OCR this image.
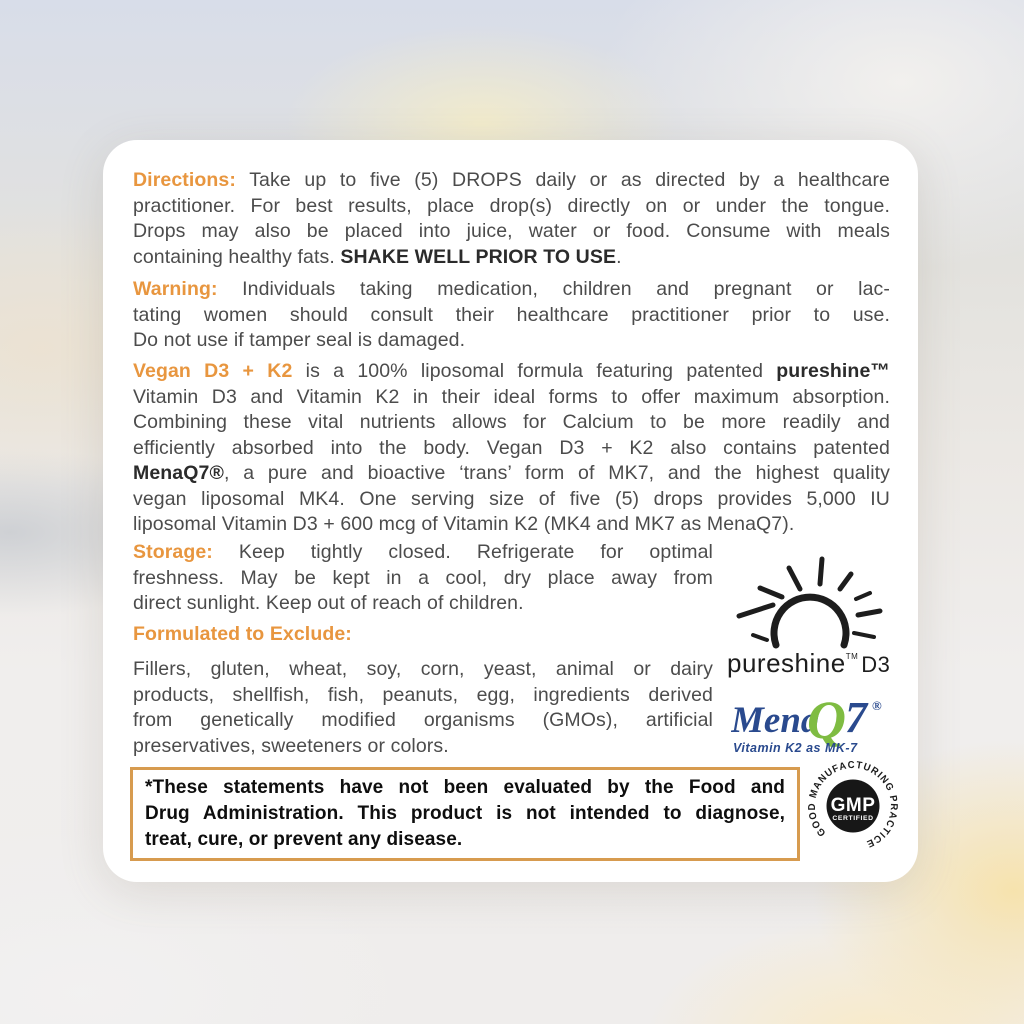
Directions: Take up to five (5) DROPS daily or as directed by a healthcare
practitioner. For best results, place drop(s) directly on or under the tongue.
Drops may also be placed into juice, water or food. Consume with meals
containing healthy fats. SHAKE WELL PRIOR TO USE.
Warning: Individuals taking medication, children and pregnant or lac-
tating women should consult their healthcare practitioner prior to use.
Do not use if tamper seal is damaged.
Vegan D3 + K2 is a 100% liposomal formula featuring patented pureshine™
Vitamin D3 and Vitamin K2 in their ideal forms to offer maximum absorption.
Combining these vital nutrients allows for Calcium to be more readily and
efficiently absorbed into the body. Vegan D3 + K2 also contains patented
MenaQ7®, a pure and bioactive ‘trans’ form of MK7, and the highest quality
vegan liposomal MK4. One serving size of five (5) drops provides 5,000 IU
liposomal Vitamin D3 + 600 mcg of Vitamin K2 (MK4 and MK7 as MenaQ7).
Storage: Keep tightly closed. Refrigerate for optimal
freshness. May be kept in a cool, dry place away from
direct sunlight. Keep out of reach of children.
Formulated to Exclude:
Fillers, gluten, wheat, soy, corn, yeast, animal or dairy
products, shellfish, fish, peanuts, egg, ingredients derived
from genetically modified organisms (GMOs), artificial
preservatives, sweeteners or colors.
pureshine™ $_{D3}$
Mena
Q 7 ®
Vitamin K2 as MK-7
*These statements have not been evaluated by the Food and
Drug Administration. This product is not intended to diagnose,
treat, cure, or prevent any disease.	GOOD MANUFACTURING PRACTICE
GMP
CERTIFIED
